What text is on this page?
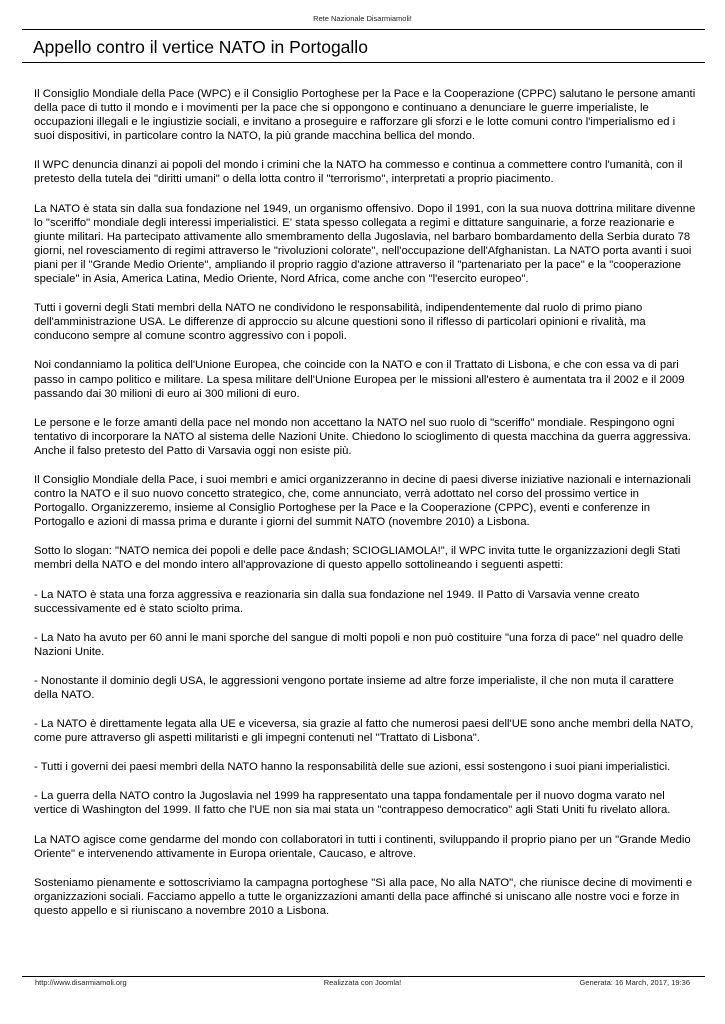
Rete Nazionale Disarmiamoli!
Appello contro il vertice NATO in Portogallo

Il Consiglio Mondiale della Pace (WPC) e il Consiglio Portoghese per la Pace e la Cooperazione (CPPC) salutano le persone amanti della pace di tutto il mondo e i movimenti per la pace che si oppongono e continuano a denunciare le guerre imperialiste, le occupazioni illegali e le ingiustizie sociali, e invitano a proseguire e rafforzare gli sforzi e le lotte comuni contro l'imperialismo ed i suoi dispositivi, in particolare contro la NATO, la più grande macchina bellica del mondo.

Il WPC denuncia dinanzi ai popoli del mondo i crimini che la NATO ha commesso e continua a commettere contro l'umanità, con il pretesto della tutela dei "diritti umani" o della lotta contro il "terrorismo", interpretati a proprio piacimento.

La NATO è stata sin dalla sua fondazione nel 1949, un organismo offensivo. Dopo il 1991, con la sua nuova dottrina militare divenne lo "sceriffo" mondiale degli interessi imperialistici. E' stata spesso collegata a regimi e dittature sanguinarie, a forze reazionarie e giunte militari. Ha partecipato attivamente allo smembramento della Jugoslavia, nel barbaro bombardamento della Serbia durato 78 giorni, nel rovesciamento di regimi attraverso le "rivoluzioni colorate", nell'occupazione dell'Afghanistan. La NATO porta avanti i suoi piani per il "Grande Medio Oriente", ampliando il proprio raggio d'azione attraverso il "partenariato per la pace" e la "cooperazione speciale" in Asia, America Latina, Medio Oriente, Nord Africa, come anche con "l'esercito europeo".

Tutti i governi degli Stati membri della NATO ne condividono le responsabilità, indipendentemente dal ruolo di primo piano dell'amministrazione USA. Le differenze di approccio su alcune questioni sono il riflesso di particolari opinioni e rivalità, ma conducono sempre al comune scontro aggressivo con i popoli.

Noi condanniamo la politica dell'Unione Europea, che coincide con la NATO e con il Trattato di Lisbona, e che con essa va di pari passo in campo politico e militare. La spesa militare dell'Unione Europea per le missioni all'estero è aumentata tra il 2002 e il 2009 passando dai 30 milioni di euro ai 300 milioni di euro.

Le persone e le forze amanti della pace nel mondo non accettano la NATO nel suo ruolo di "sceriffo" mondiale. Respingono ogni tentativo di incorporare la NATO al sistema delle Nazioni Unite. Chiedono lo scioglimento di questa macchina da guerra aggressiva. Anche il falso pretesto del Patto di Varsavia oggi non esiste più.

Il Consiglio Mondiale della Pace, i suoi membri e amici organizzeranno in decine di paesi diverse iniziative nazionali e internazionali contro la NATO e il suo nuovo concetto strategico, che, come annunciato, verrà adottato nel corso del prossimo vertice in Portogallo. Organizzeremo, insieme al Consiglio Portoghese per la Pace e la Cooperazione (CPPC), eventi e conferenze in Portogallo e azioni di massa prima e durante i giorni del summit NATO (novembre 2010) a Lisbona.

Sotto lo slogan: "NATO nemica dei popoli e delle pace &ndash; SCIOGLIAMOLA!", il WPC invita tutte le organizzazioni degli Stati membri della NATO e del mondo intero all'approvazione di questo appello sottolineando i seguenti aspetti:

- La NATO è stata una forza aggressiva e reazionaria sin dalla sua fondazione nel 1949. Il Patto di Varsavia venne creato successivamente ed è stato sciolto prima.

- La Nato ha avuto per 60 anni le mani sporche del sangue di molti popoli e non può costituire "una forza di pace" nel quadro delle Nazioni Unite.

- Nonostante il dominio degli USA, le aggressioni vengono portate insieme ad altre forze imperialiste, il che non muta il carattere della NATO.

- La NATO è direttamente legata alla UE e viceversa, sia grazie al fatto che numerosi paesi dell'UE sono anche membri della NATO, come pure attraverso gli aspetti militaristi e gli impegni contenuti nel "Trattato di Lisbona".

- Tutti i governi dei paesi membri della NATO hanno la responsabilità delle sue azioni, essi sostengono i suoi piani imperialistici.

- La guerra della NATO contro la Jugoslavia nel 1999 ha rappresentato una tappa fondamentale per il nuovo dogma varato nel vertice di Washington del 1999. Il fatto che l'UE non sia mai stata un "contrappeso democratico" agli Stati Uniti fu rivelato allora.

La NATO agisce come gendarme del mondo con collaboratori in tutti i continenti, sviluppando il proprio piano per un "Grande Medio Oriente" e intervenendo attivamente in Europa orientale, Caucaso, e altrove.

Sosteniamo pienamente e sottoscriviamo la campagna portoghese "Sì alla pace, No alla NATO", che riunisce decine di movimenti e organizzazioni sociali. Facciamo appello a tutte le organizzazioni amanti della pace affinché si uniscano alle nostre voci e forze in questo appello e si riuniscano a novembre 2010 a Lisbona.

http://www.disarmiamoli.org	Realizzata con Joomla!	Generata: 16 March, 2017, 19:36
